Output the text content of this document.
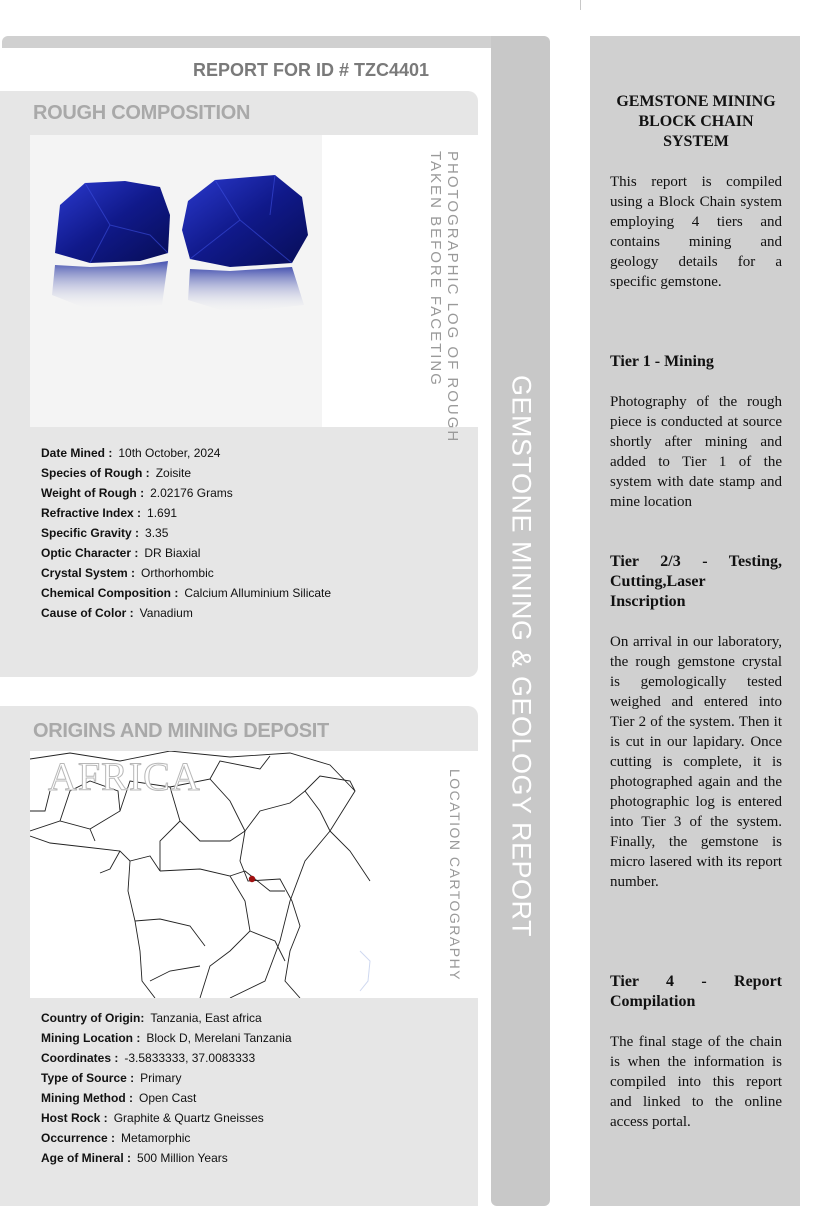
REPORT FOR ID # TZC4401
ROUGH COMPOSITION
PHOTOGRAPHIC LOG OF ROUGH
TAKEN BEFORE FACETING
Date Mined : 10th October, 2024
Species of Rough : Zoisite
Weight of Rough : 2.02176 Grams
Refractive Index : 1.691
Specific Gravity : 3.35
Optic Character : DR Biaxial
Crystal System : Orthorhombic
Chemical Composition : Calcium Alluminium Silicate
Cause of Color : Vanadium
ORIGINS AND MINING DEPOSIT
AFRICA	LOCATION CARTOGRAPHY
Country of Origin: Tanzania, East africa
Mining Location : Block D, Merelani Tanzania
Coordinates : -3.5833333, 37.0083333
Type of Source : Primary
Mining Method : Open Cast
Host Rock : Graphite & Quartz Gneisses
Occurrence : Metamorphic
Age of Mineral : 500 Million Years
GEMSTONE MINING & GEOLOGY REPORT
GEMSTONE MINING BLOCK CHAIN SYSTEM
This report is compiled using a Block Chain system employing 4 tiers and contains mining and geology details for a specific gemstone.
Tier 1 - Mining
Photography of the rough piece is conducted at source shortly after mining and added to Tier 1 of the system with date stamp and mine location
Tier 2/3 - Testing, Cutting,Laser Inscription
On arrival in our laboratory, the rough gemstone crystal is gemologically tested weighed and entered into Tier 2 of the system. Then it is cut in our lapidary. Once cutting is complete, it is photographed again and the photographic log is entered into Tier 3 of the system. Finally, the gemstone is micro lasered with its report number.
Tier 4 - Report Compilation
The final stage of the chain is when the information is compiled into this report and linked to the online access portal.
